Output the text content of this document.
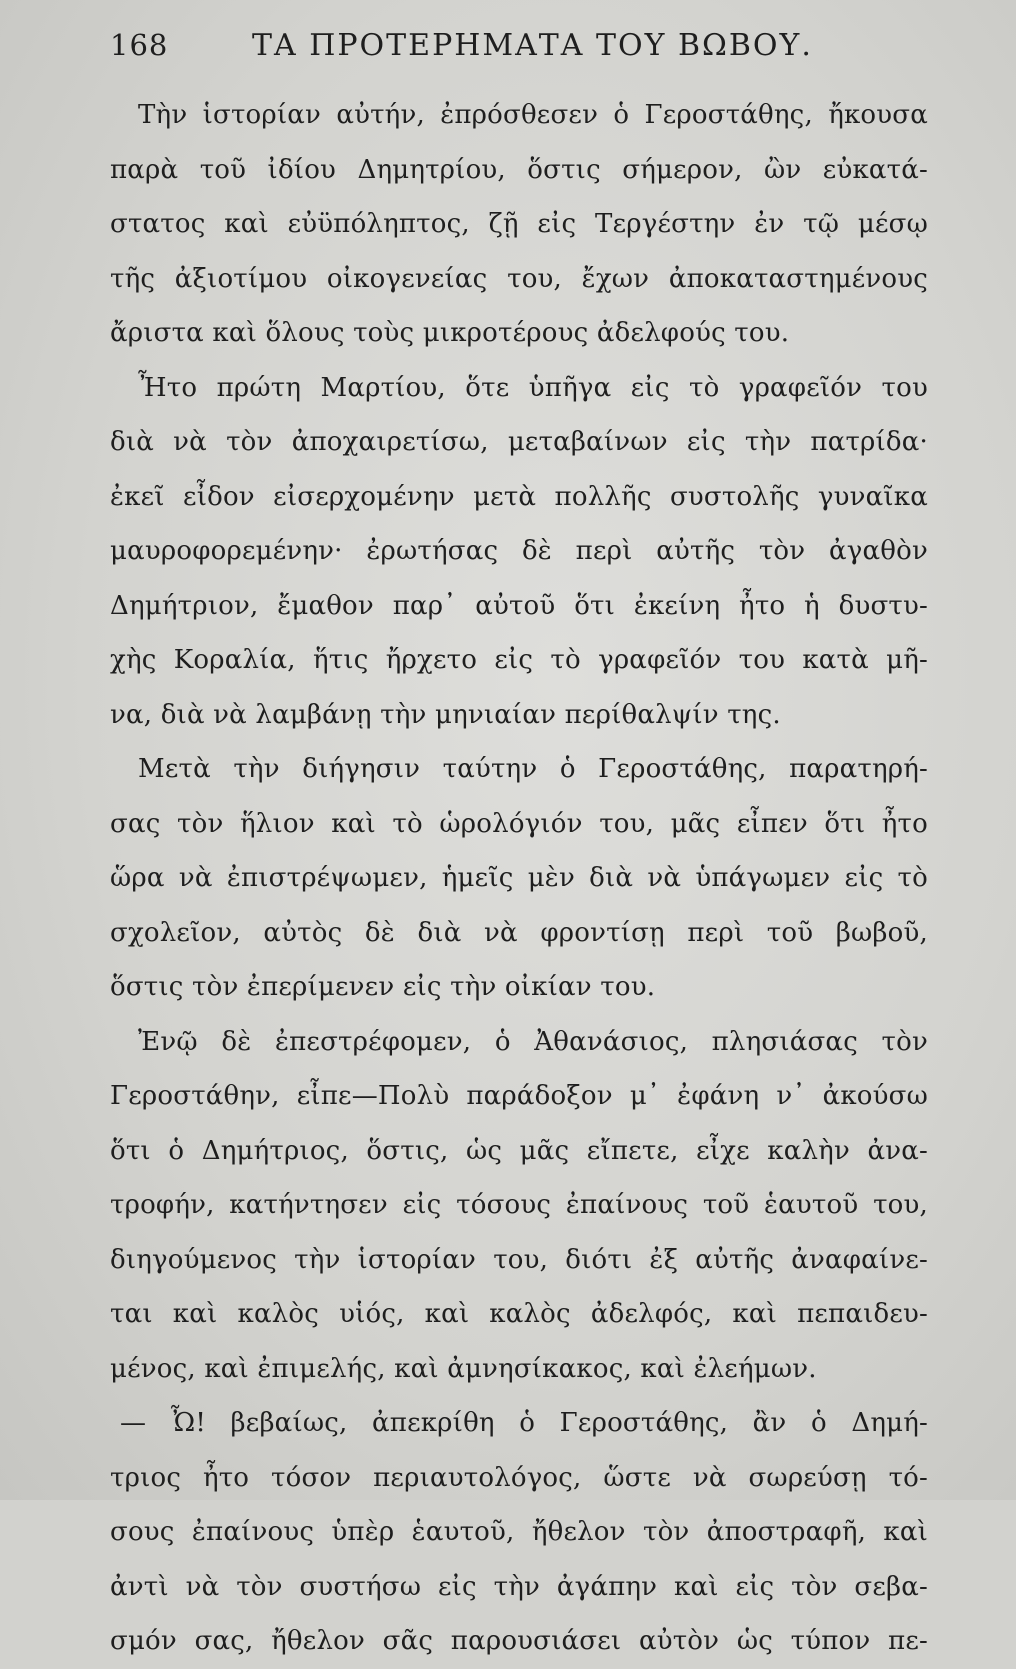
168	ΤΑ ΠΡΟΤΕΡΗΜΑΤΑ ΤΟΥ ΒΩΒΟΥ.
Τὴν ἱστορίαν αὐτήν, ἐπρόσθεσεν ὁ Γεροστάθης, ἤκουσα
παρὰ τοῦ ἰδίου Δημητρίου, ὅστις σήμερον, ὢν εὐκατά-
στατος καὶ εὐϋπόληπτος, ζῇ εἰς Τεργέστην ἐν τῷ μέσῳ
τῆς ἀξιοτίμου οἰκογενείας του, ἔχων ἀποκαταστημένους
ἄριστα καὶ ὅλους τοὺς μικροτέρους ἀδελφούς του.
Ἦτο πρώτη Μαρτίου, ὅτε ὑπῆγα εἰς τὸ γραφεῖόν του
διὰ νὰ τὸν ἀποχαιρετίσω, μεταβαίνων εἰς τὴν πατρίδα·
ἐκεῖ εἶδον εἰσερχομένην μετὰ πολλῆς συστολῆς γυναῖκα
μαυροφορεμένην· ἐρωτήσας δὲ περὶ αὐτῆς τὸν ἀγαθὸν
Δημήτριον, ἔμαθον παρ᾽ αὐτοῦ ὅτι ἐκείνη ἦτο ἡ δυστυ-
χὴς Κοραλία, ἥτις ἤρχετο εἰς τὸ γραφεῖόν του κατὰ μῆ-
να, διὰ νὰ λαμβάνῃ τὴν μηνιαίαν περίθαλψίν της.
Μετὰ τὴν διήγησιν ταύτην ὁ Γεροστάθης, παρατηρή-
σας τὸν ἥλιον καὶ τὸ ὡρολόγιόν του, μᾶς εἶπεν ὅτι ἦτο
ὥρα νὰ ἐπιστρέψωμεν, ἡμεῖς μὲν διὰ νὰ ὑπάγωμεν εἰς τὸ
σχολεῖον, αὐτὸς δὲ διὰ νὰ φροντίσῃ περὶ τοῦ βωβοῦ,
ὅστις τὸν ἐπερίμενεν εἰς τὴν οἰκίαν του.
Ἐνῷ δὲ ἐπεστρέφομεν, ὁ Ἀθανάσιος, πλησιάσας τὸν
Γεροστάθην, εἶπε—Πολὺ παράδοξον μ᾽ ἐφάνη ν᾽ ἀκούσω
ὅτι ὁ Δημήτριος, ὅστις, ὡς μᾶς εἴπετε, εἶχε καλὴν ἀνα-
τροφήν, κατήντησεν εἰς τόσους ἐπαίνους τοῦ ἑαυτοῦ του,
διηγούμενος τὴν ἱστορίαν του, διότι ἐξ αὐτῆς ἀναφαίνε-
ται καὶ καλὸς υἱός, καὶ καλὸς ἀδελφός, καὶ πεπαιδευ-
μένος, καὶ ἐπιμελής, καὶ ἀμνησίκακος, καὶ ἐλεήμων.
— Ὦ! βεβαίως, ἀπεκρίθη ὁ Γεροστάθης, ἂν ὁ Δημή-
τριος ἦτο τόσον περιαυτολόγος, ὥστε νὰ σωρεύσῃ τό-
σους ἐπαίνους ὑπὲρ ἑαυτοῦ, ἤθελον τὸν ἀποστραφῆ, καὶ
ἀντὶ νὰ τὸν συστήσω εἰς τὴν ἀγάπην καὶ εἰς τὸν σεβα-
σμόν σας, ἤθελον σᾶς παρουσιάσει αὐτὸν ὡς τύπον πε-
